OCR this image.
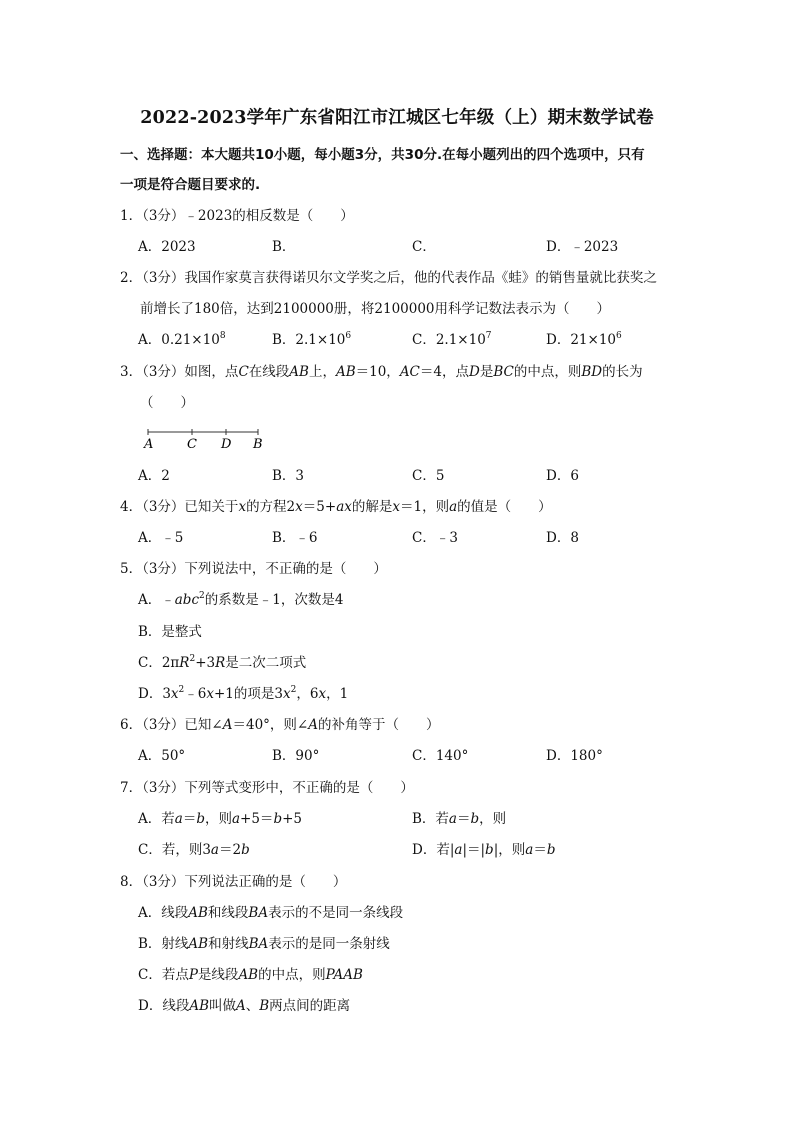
2022-2023学年广东省阳江市江城区七年级（上）期末数学试卷
一、选择题：本大题共10小题，每小题3分，共30分.在每小题列出的四个选项中，只有
一项是符合题目要求的.
1．（3分）﹣2023的相反数是（　　）
A．2023	B．	C．	D．﹣2023
2．（3分）我国作家莫言获得诺贝尔文学奖之后，他的代表作品《蛙》的销售量就比获奖之
前增长了180倍，达到2100000册，将2100000用科学记数法表示为（　　）
A．$0.21\times 10^8$	B．$2.1\times 10^6$	C．$2.1\times 10^7$	D．$21\times 10^6$
3．（3分）如图，点C在线段AB上，AB＝10，AC＝4，点D是BC的中点，则BD的长为
（　　）
A	C D B
A．2	B．3	C．5	D．6
4．（3分）已知关于x的方程2x＝5+ax的解是x＝1，则a的值是（　　）
A．﹣5	B．﹣6	C．﹣3	D．8
5．（3分）下列说法中，不正确的是（　　）
A．﹣abc$^2$的系数是﹣1，次数是4
B．是整式
C．$2\pi R^2+3R$是二次二项式
D．$3x^2﹣6x+1$的项是$3x^2$，6x，1
6．（3分）已知∠A＝40°，则∠A的补角等于（　　）
A．50°	B．90°	C．140°	D．180°
7．（3分）下列等式变形中，不正确的是（　　）
A．若a＝b，则a+5＝b+5	B．若a＝b，则
C．若，则3a＝2b	D．若|a|＝|b|，则a＝b
8．（3分）下列说法正确的是（　　）
A．线段AB和线段BA表示的不是同一条线段
B．射线AB和射线BA表示的是同一条射线
C．若点P是线段AB的中点，则PAAB
D．线段AB叫做A、B两点间的距离
